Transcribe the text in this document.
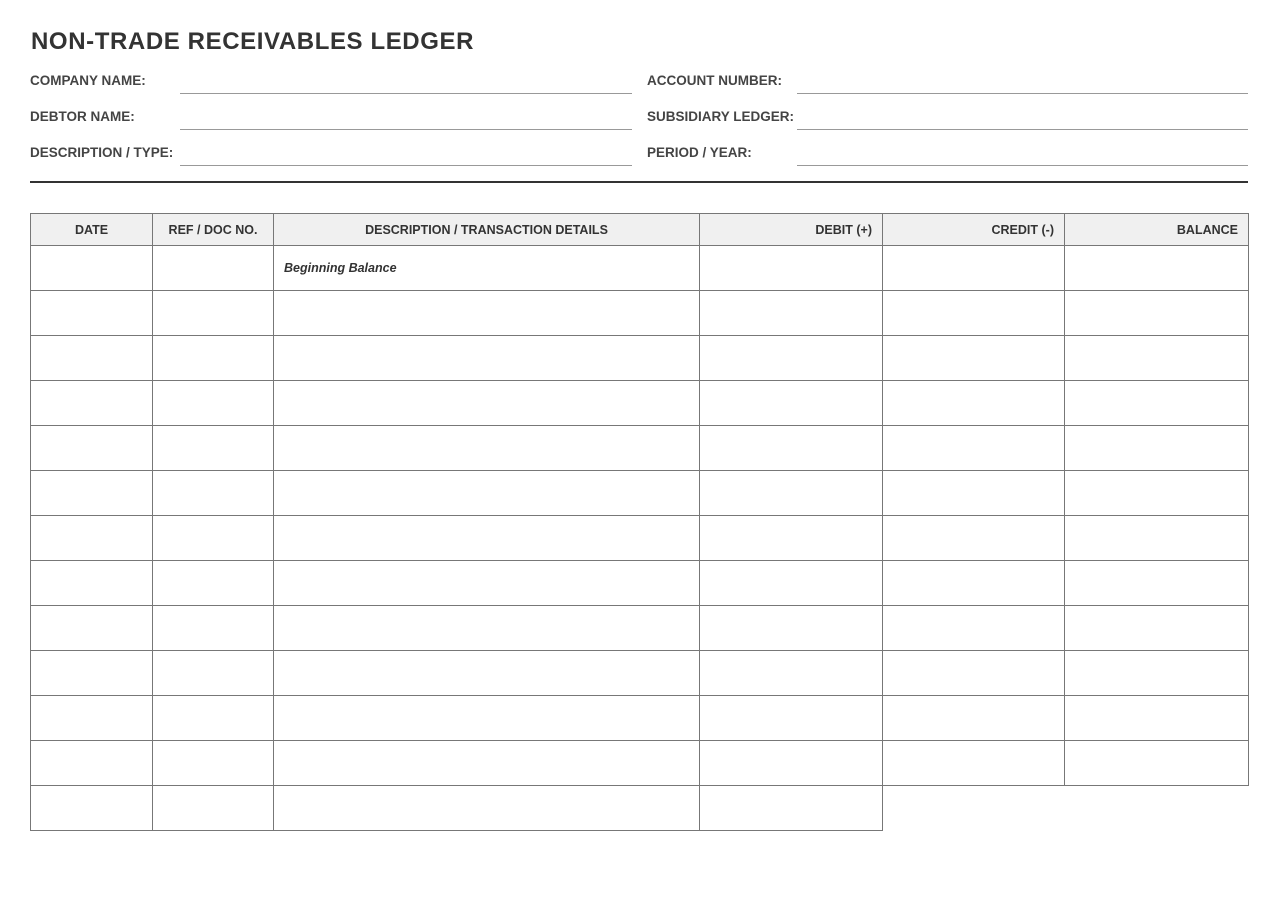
NON-TRADE RECEIVABLES LEDGER
COMPANY NAME:
DEBTOR NAME:
DESCRIPTION / TYPE:
ACCOUNT NUMBER:
SUBSIDIARY LEDGER:
PERIOD / YEAR:
DATE	REF / DOC NO.	DESCRIPTION / TRANSACTION DETAILS	DEBIT (+)	CREDIT (-)	BALANCE
		Beginning Balance			
